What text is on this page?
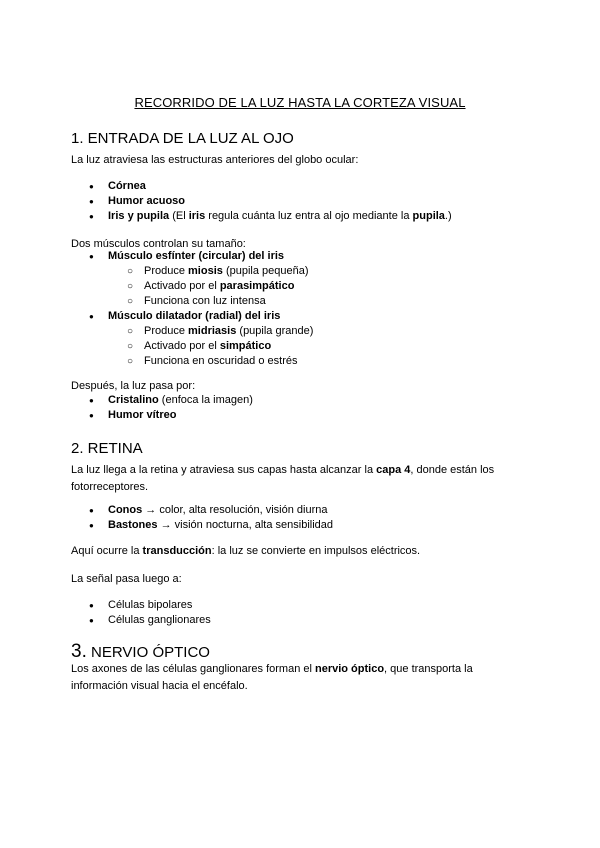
RECORRIDO DE LA LUZ HASTA LA CORTEZA VISUAL
1. ENTRADA DE LA LUZ AL OJO

La luz atraviesa las estructuras anteriores del globo ocular:

● Córnea
● Humor acuoso
● Iris y pupila (El iris regula cuánta luz entra al ojo mediante la pupila.)

Dos músculos controlan su tamaño:

● Músculo esfínter (circular) del iris
○ Produce miosis (pupila pequeña)
○ Activado por el parasimpático
○ Funciona con luz intensa
● Músculo dilatador (radial) del iris
○ Produce midriasis (pupila grande)
○ Activado por el simpático
○ Funciona en oscuridad o estrés

Después, la luz pasa por:

● Cristalino (enfoca la imagen)
● Humor vítreo
2. RETINA

La luz llega a la retina y atraviesa sus capas hasta alcanzar la capa 4, donde están los fotorreceptores.

● Conos → color, alta resolución, visión diurna
● Bastones → visión nocturna, alta sensibilidad

Aquí ocurre la transducción: la luz se convierte en impulsos eléctricos.

La señal pasa luego a:

● Células bipolares
● Células ganglionares
3. NERVIO ÓPTICO

Los axones de las células ganglionares forman el nervio óptico, que transporta la información visual hacia el encéfalo.
